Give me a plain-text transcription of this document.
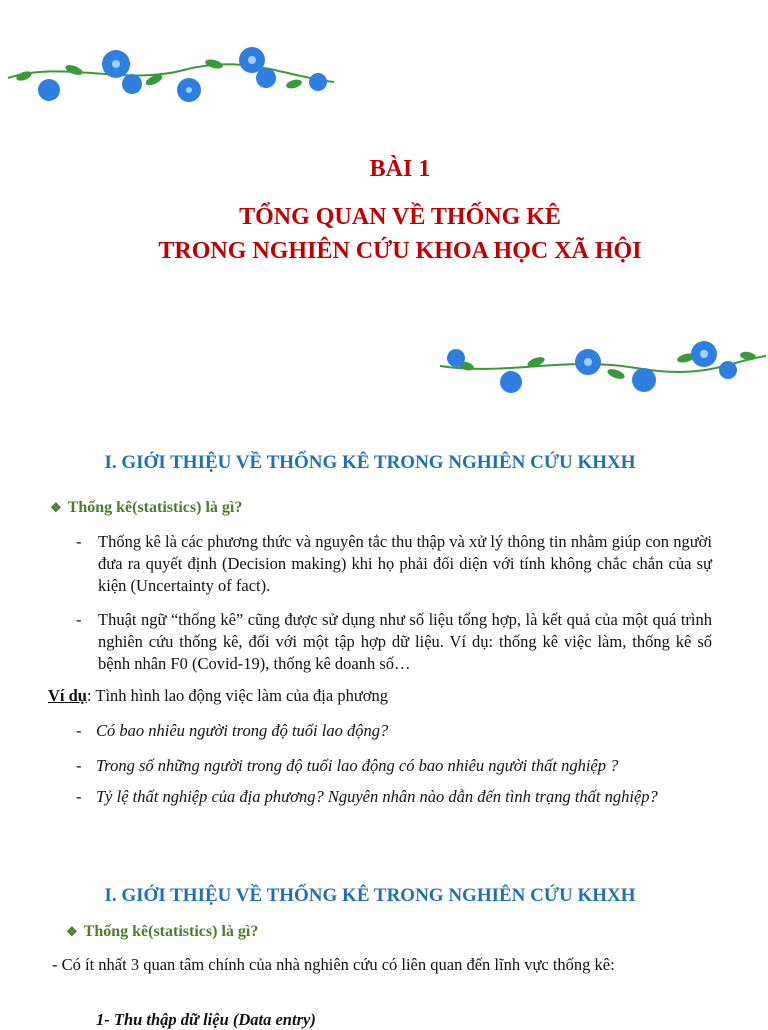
BÀI 1
TỔNG QUAN VỀ THỐNG KÊ
TRONG NGHIÊN CỨU KHOA HỌC XÃ HỘI
I. GIỚI THIỆU VỀ THỐNG KÊ TRONG NGHIÊN CỨU KHXH
❖ Thống kê(statistics) là gì?
- Thống kê là các phương thức và nguyên tắc thu thập và xử lý thông tin nhằm giúp con người đưa ra quyết định (Decision making) khi họ phải đối diện với tính không chắc chắn của sự kiện (Uncertainty of fact).
- Thuật ngữ “thống kê” cũng được sử dụng như số liệu tổng hợp, là kết quả của một quá trình nghiên cứu thống kê, đối với một tập hợp dữ liệu. Ví dụ: thống kê việc làm, thống kê số bệnh nhân F0 (Covid-19), thống kê doanh số…
Ví dụ: Tình hình lao động việc làm của địa phương
- Có bao nhiêu người trong độ tuổi lao động?
- Trong số những người trong độ tuổi lao động có bao nhiêu người thất nghiệp ?
- Tỷ lệ thất nghiệp của địa phương? Nguyên nhân nào dẫn đến tình trạng thất nghiệp?
I. GIỚI THIỆU VỀ THỐNG KÊ TRONG NGHIÊN CỨU KHXH
❖ Thống kê(statistics) là gì?
- Có ít nhất 3 quan tâm chính của nhà nghiên cứu có liên quan đến lĩnh vực thống kê:
1- Thu thập dữ liệu (Data entry)
